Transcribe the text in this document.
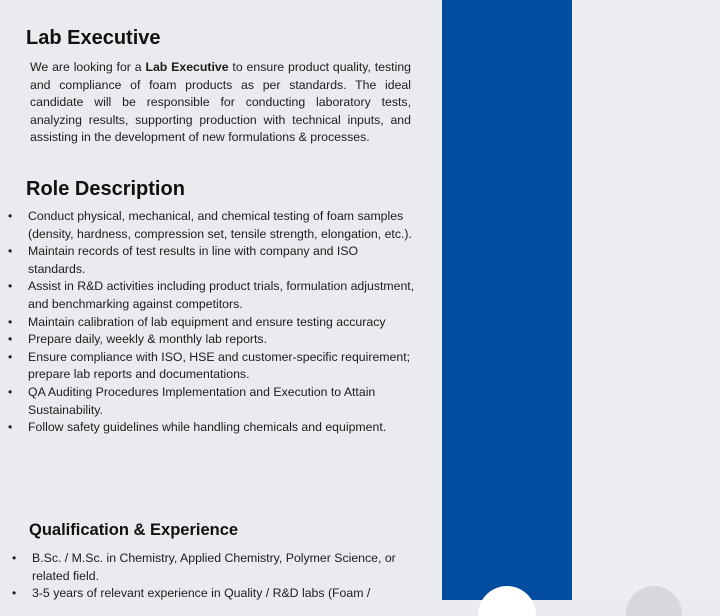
Lab Executive

We are looking for a Lab Executive to ensure product quality, testing and compliance of foam products as per standards. The ideal candidate will be responsible for conducting laboratory tests, analyzing results, supporting production with technical inputs, and assisting in the development of new formulations & processes.

Role Description
• Conduct physical, mechanical, and chemical testing of foam samples (density, hardness, compression set, tensile strength, elongation, etc.).
• Maintain records of test results in line with company and ISO standards.
• Assist in R&D activities including product trials, formulation adjustment, and benchmarking against competitors.
• Maintain calibration of lab equipment and ensure testing accuracy
• Prepare daily, weekly & monthly lab reports.
• Ensure compliance with ISO, HSE and customer-specific requirement; prepare lab reports and documentations.
• QA Auditing Procedures Implementation and Execution to Attain Sustainability.
• Follow safety guidelines while handling chemicals and equipment.
Qualification & Experience
• B.Sc. / M.Sc. in Chemistry, Applied Chemistry, Polymer Science, or related field.
• 3-5 years of relevant experience in Quality / R&D labs (Foam /
